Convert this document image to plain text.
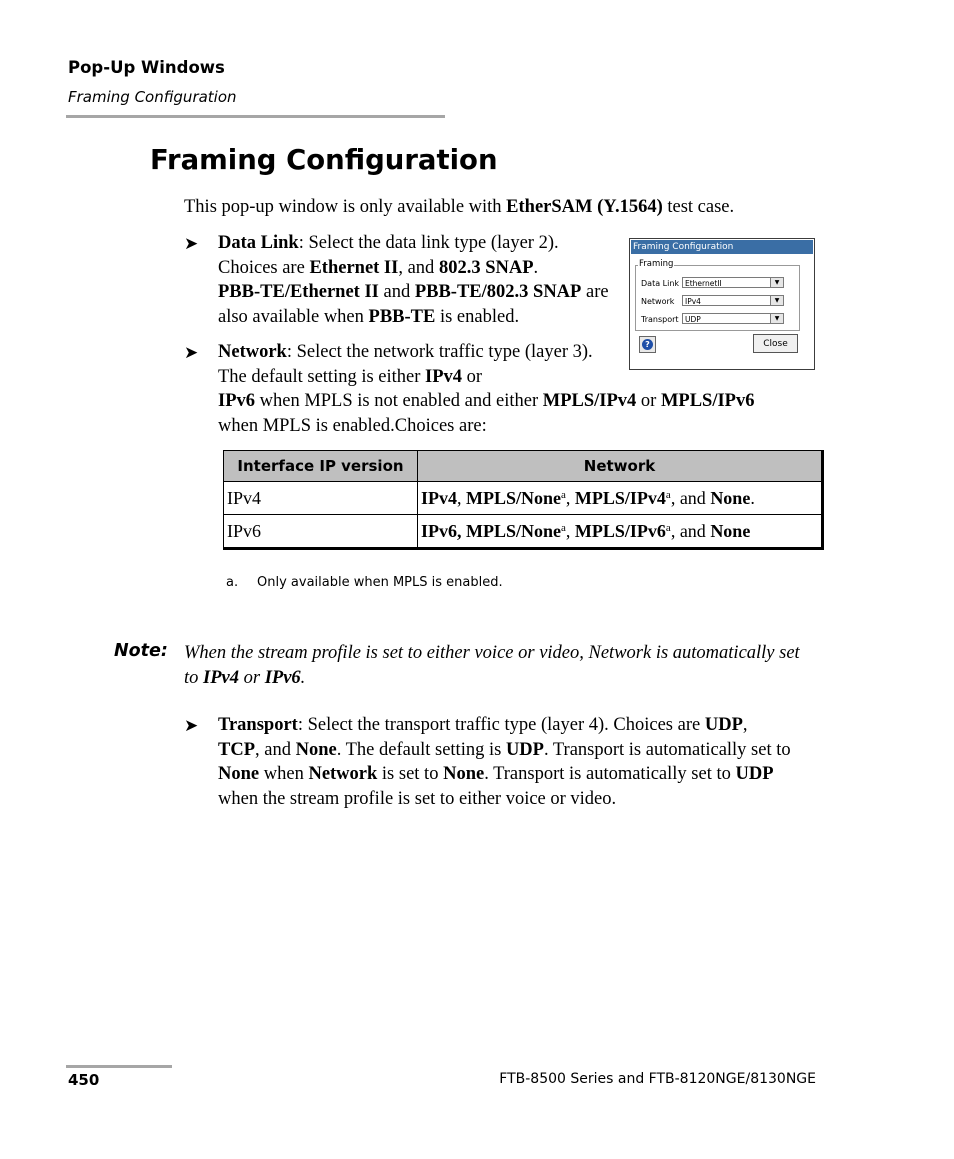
Pop-Up Windows
Framing Configuration
Framing Configuration
This pop-up window is only available with EtherSAM (Y.1564) test case.
➤ Data Link: Select the data link type (layer 2). Choices are Ethernet II, and 802.3 SNAP.
PBB-TE/Ethernet II and PBB-TE/802.3 SNAP are also available when PBB-TE is enabled.
Framing Configuration
Framing
Data Link EthernetII	▼
Network	IPv4	▼
Transport UDP	▼
?	Close
➤ Network: Select the network traffic type (layer 3). The default setting is either IPv4 or
IPv6 when MPLS is not enabled and either MPLS/IPv4 or MPLS/IPv6
when MPLS is enabled.Choices are:
Interface IP version	Network
IPv4	IPv4, MPLS/None$^a$, MPLS/IPv4$^a$, and None.
IPv6	IPv6, MPLS/None$^a$, MPLS/IPv6$^a$, and None
a. Only available when MPLS is enabled.
Note: When the stream profile is set to either voice or video, Network is automatically set to IPv4 or IPv6.
➤ Transport: Select the transport traffic type (layer 4). Choices are UDP,
TCP, and None. The default setting is UDP. Transport is automatically set to None when Network is set to None. Transport is automatically set to UDP when the stream profile is set to either voice or video.
450	FTB-8500 Series and FTB-8120NGE/8130NGE
